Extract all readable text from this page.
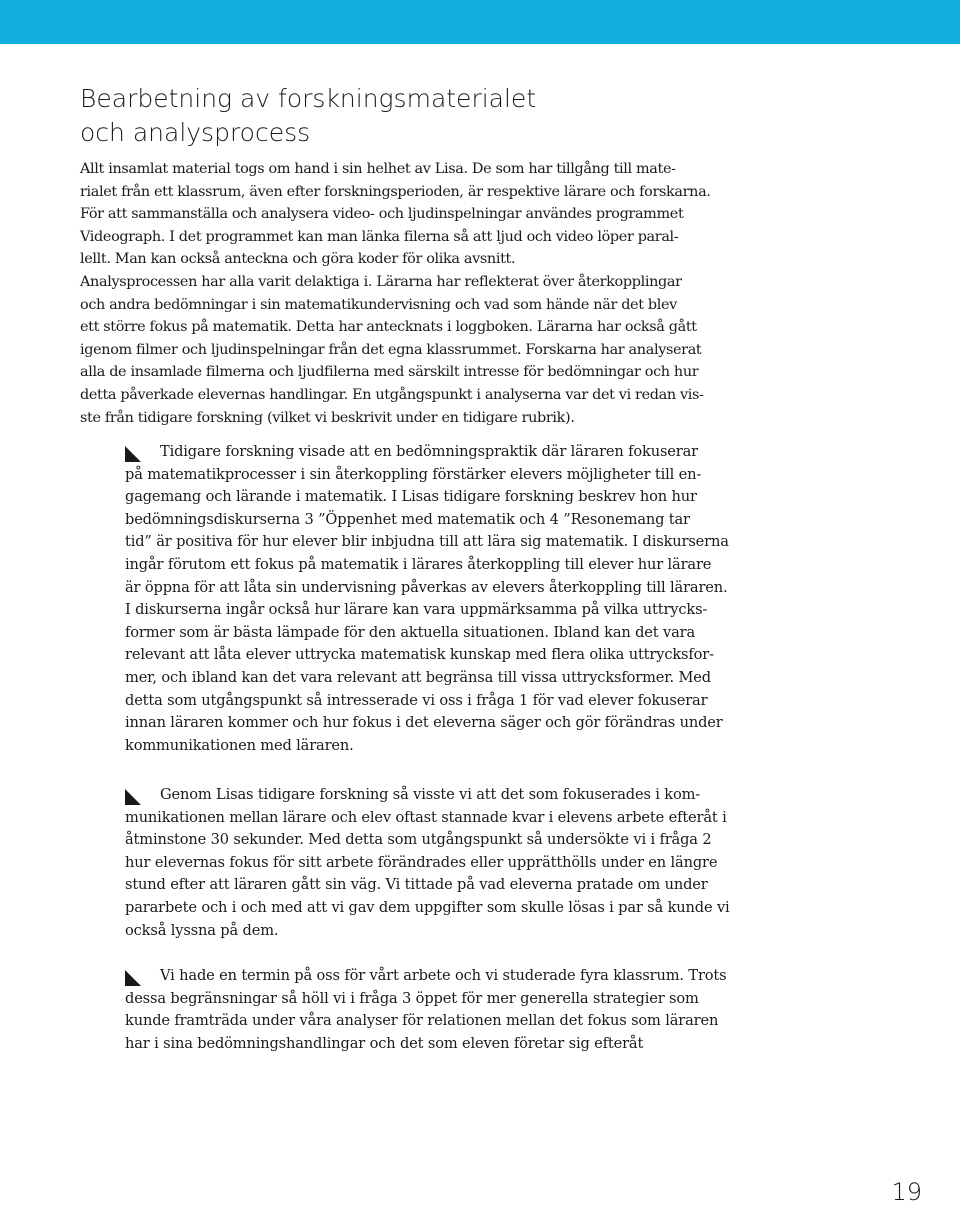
Bearbetning av forskningsmaterialet
och analysprocess
Allt insamlat material togs om hand i sin helhet av Lisa. De som har tillgång till mate-
rialet från ett klassrum, även efter forskningsperioden, är respektive lärare och forskarna.
För att sammanställa och analysera video- och ljudinspelningar användes programmet
Videograph. I det programmet kan man länka filerna så att ljud och video löper paral-
lellt. Man kan också anteckna och göra koder för olika avsnitt.
Analysprocessen har alla varit delaktiga i. Lärarna har reflekterat över återkopplingar
och andra bedömningar i sin matematikundervisning och vad som hände när det blev
ett större fokus på matematik. Detta har antecknats i loggboken. Lärarna har också gått
igenom filmer och ljudinspelningar från det egna klassrummet. Forskarna har analyserat
alla de insamlade filmerna och ljudfilerna med särskilt intresse för bedömningar och hur
detta påverkade elevernas handlingar. En utgångspunkt i analyserna var det vi redan vis-
ste från tidigare forskning (vilket vi beskrivit under en tidigare rubrik).
Tidigare forskning visade att en bedömningspraktik där läraren fokuserar
på matematikprocesser i sin återkoppling förstärker elevers möjligheter till en-
gagemang och lärande i matematik. I Lisas tidigare forskning beskrev hon hur
bedömningsdiskurserna 3 ”Öppenhet med matematik och 4 ”Resonemang tar
tid” är positiva för hur elever blir inbjudna till att lära sig matematik. I diskurserna
ingår förutom ett fokus på matematik i lärares återkoppling till elever hur lärare
är öppna för att låta sin undervisning påverkas av elevers återkoppling till läraren.
I diskurserna ingår också hur lärare kan vara uppmärksamma på vilka uttrycks-
former som är bästa lämpade för den aktuella situationen. Ibland kan det vara
relevant att låta elever uttrycka matematisk kunskap med flera olika uttrycksfor-
mer, och ibland kan det vara relevant att begränsa till vissa uttrycksformer. Med
detta som utgångspunkt så intresserade vi oss i fråga 1 för vad elever fokuserar
innan läraren kommer och hur fokus i det eleverna säger och gör förändras under
kommunikationen med läraren.
Genom Lisas tidigare forskning så visste vi att det som fokuserades i kom-
munikationen mellan lärare och elev oftast stannade kvar i elevens arbete efteråt i
åtminstone 30 sekunder. Med detta som utgångspunkt så undersökte vi i fråga 2
hur elevernas fokus för sitt arbete förändrades eller upprätthölls under en längre
stund efter att läraren gått sin väg. Vi tittade på vad eleverna pratade om under
pararbete och i och med att vi gav dem uppgifter som skulle lösas i par så kunde vi
också lyssna på dem.
Vi hade en termin på oss för vårt arbete och vi studerade fyra klassrum. Trots
dessa begränsningar så höll vi i fråga 3 öppet för mer generella strategier som
kunde framträda under våra analyser för relationen mellan det fokus som läraren
har i sina bedömningshandlingar och det som eleven företar sig efteråt
19
